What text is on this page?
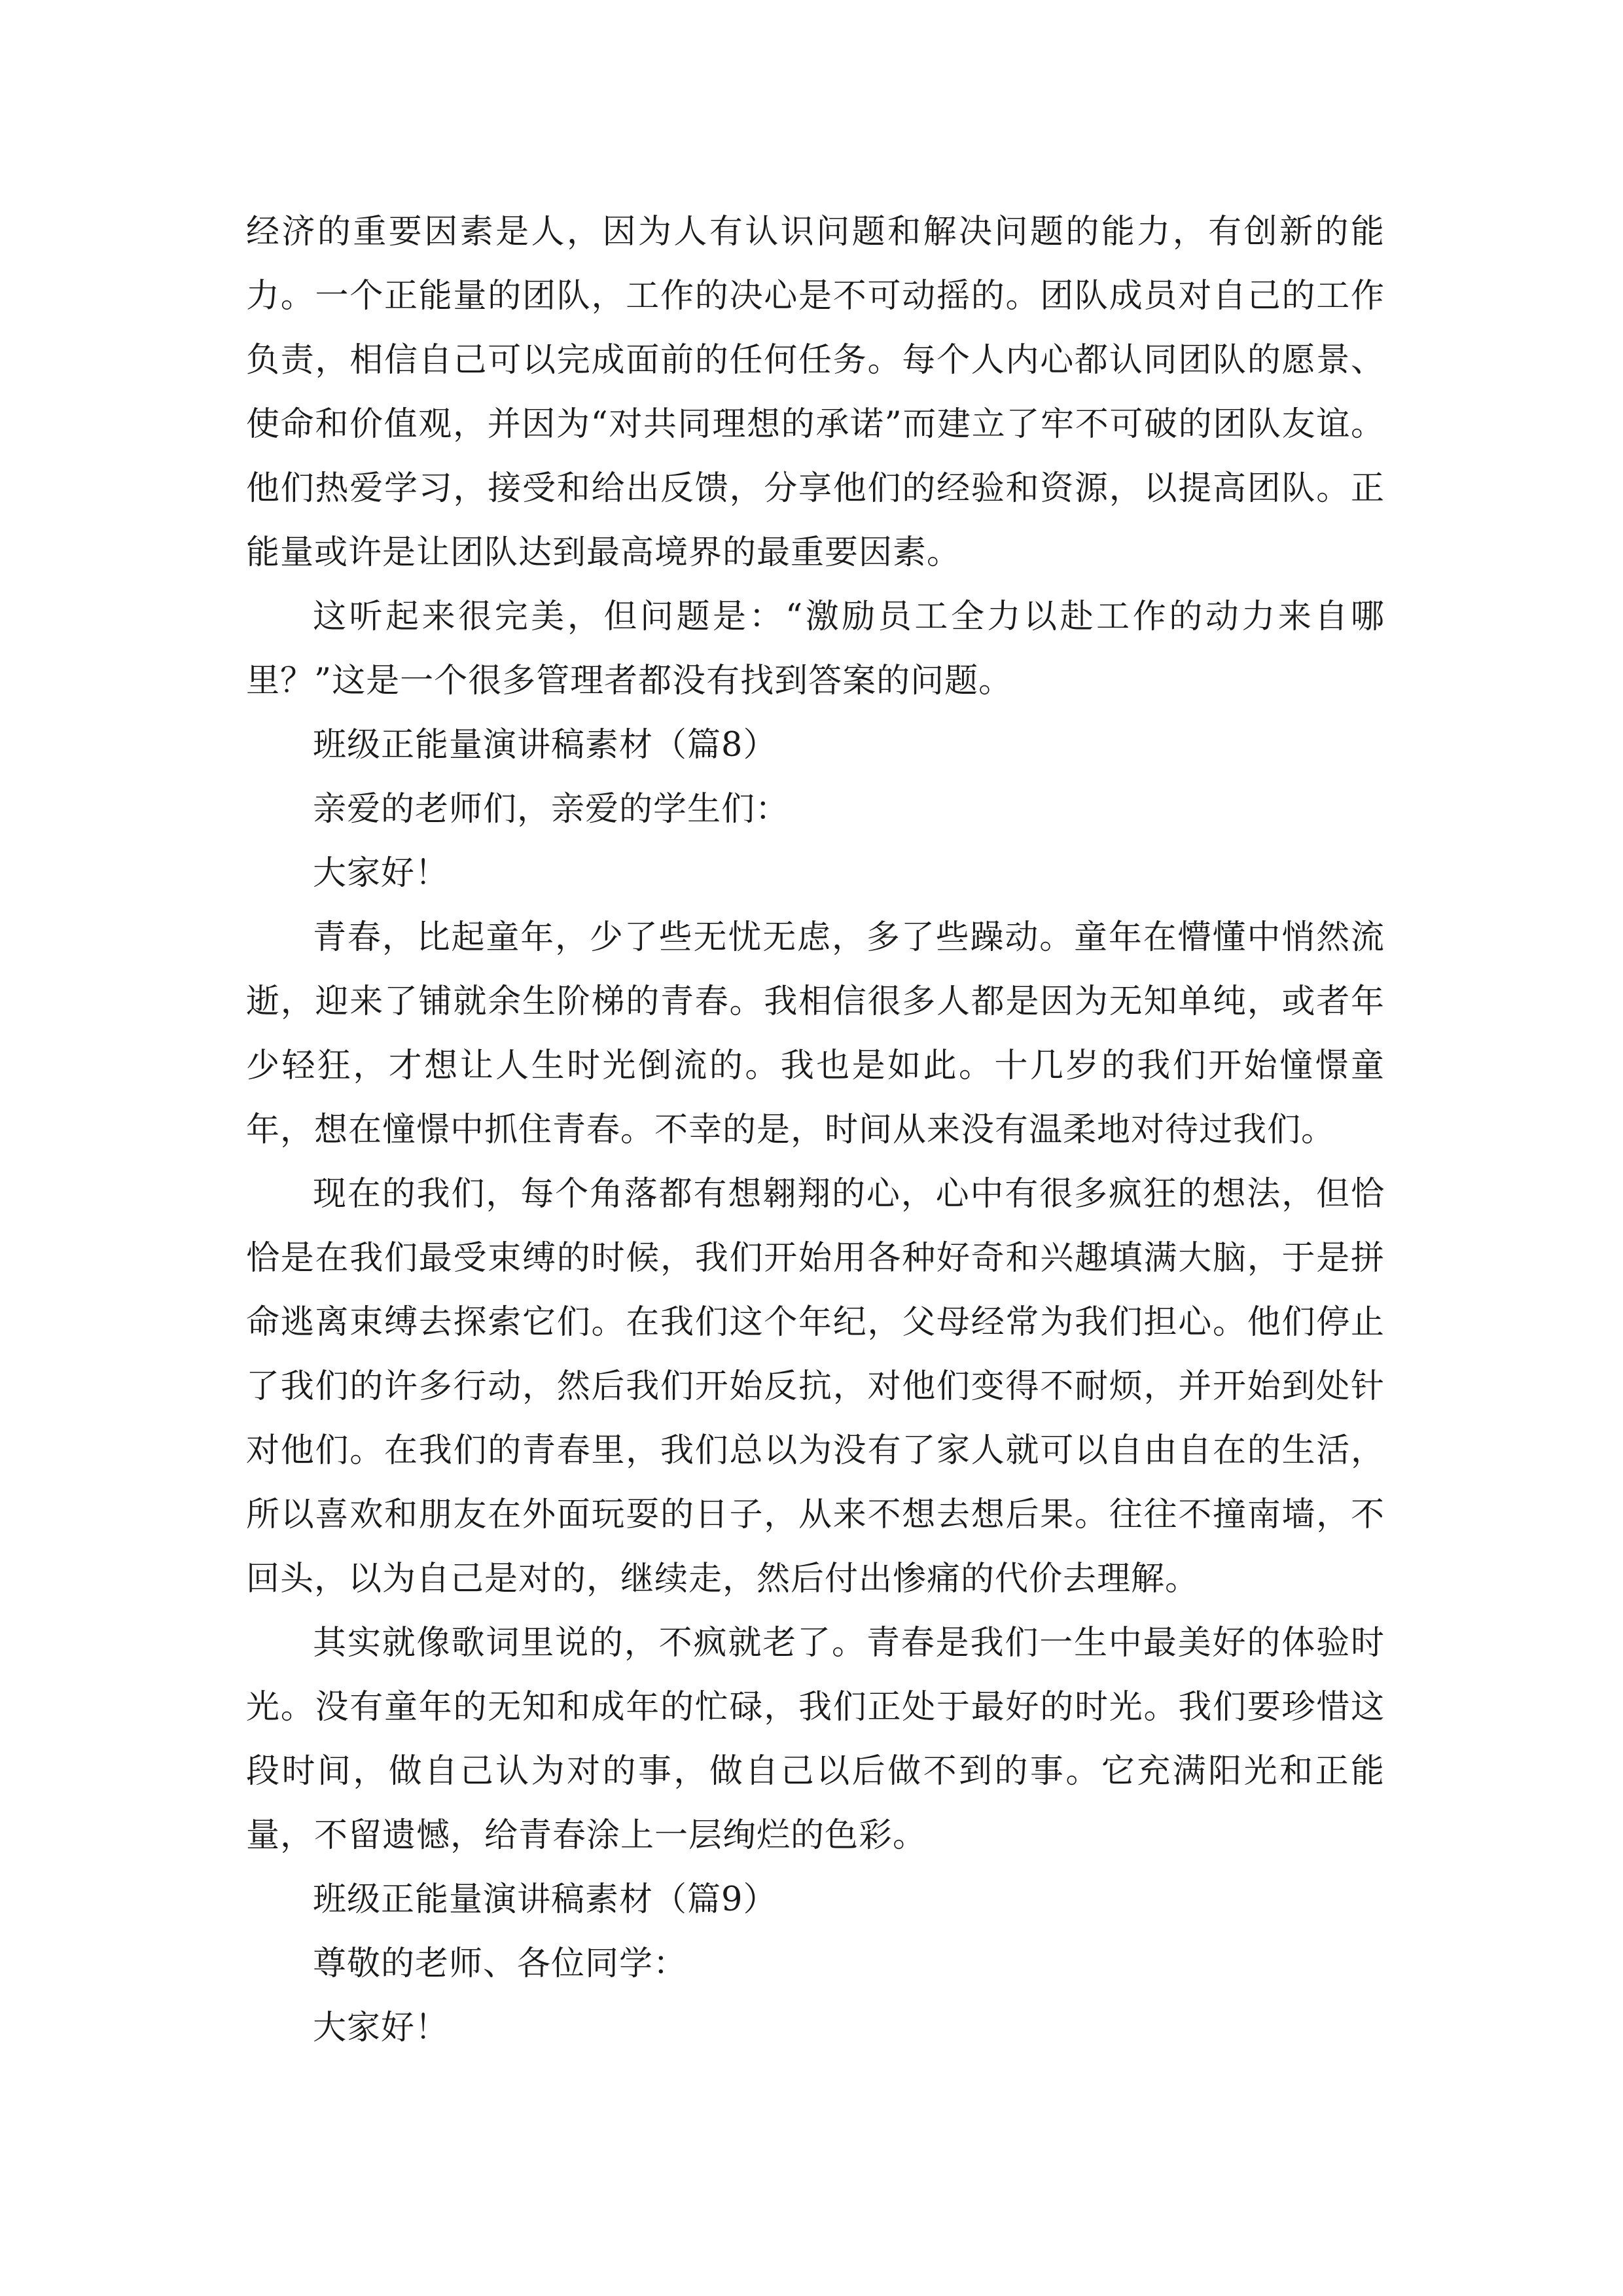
经济的重要因素是人，因为人有认识问题和解决问题的能力，有创新的能力。一个正能量的团队，工作的决心是不可动摇的。团队成员对自己的工作负责，相信自己可以完成面前的任何任务。每个人内心都认同团队的愿景、使命和价值观，并因为“对共同理想的承诺”而建立了牢不可破的团队友谊。他们热爱学习，接受和给出反馈，分享他们的经验和资源，以提高团队。正能量或许是让团队达到最高境界的最重要因素。

这听起来很完美，但问题是：“激励员工全力以赴工作的动力来自哪里？”这是一个很多管理者都没有找到答案的问题。

班级正能量演讲稿素材（篇8）

亲爱的老师们，亲爱的学生们：

大家好！

青春，比起童年，少了些无忧无虑，多了些躁动。童年在懵懂中悄然流逝，迎来了铺就余生阶梯的青春。我相信很多人都是因为无知单纯，或者年少轻狂，才想让人生时光倒流的。我也是如此。十几岁的我们开始憧憬童年，想在憧憬中抓住青春。不幸的是，时间从来没有温柔地对待过我们。

现在的我们，每个角落都有想翱翔的心，心中有很多疯狂的想法，但恰恰是在我们最受束缚的时候，我们开始用各种好奇和兴趣填满大脑，于是拼命逃离束缚去探索它们。在我们这个年纪，父母经常为我们担心。他们停止了我们的许多行动，然后我们开始反抗，对他们变得不耐烦，并开始到处针对他们。在我们的青春里，我们总以为没有了家人就可以自由自在的生活，所以喜欢和朋友在外面玩耍的日子，从来不想去想后果。往往不撞南墙，不回头，以为自己是对的，继续走，然后付出惨痛的代价去理解。

其实就像歌词里说的，不疯就老了。青春是我们一生中最美好的体验时光。没有童年的无知和成年的忙碌，我们正处于最好的时光。我们要珍惜这段时间，做自己认为对的事，做自己以后做不到的事。它充满阳光和正能量，不留遗憾，给青春涂上一层绚烂的色彩。

班级正能量演讲稿素材（篇9）

尊敬的老师、各位同学：

大家好！
